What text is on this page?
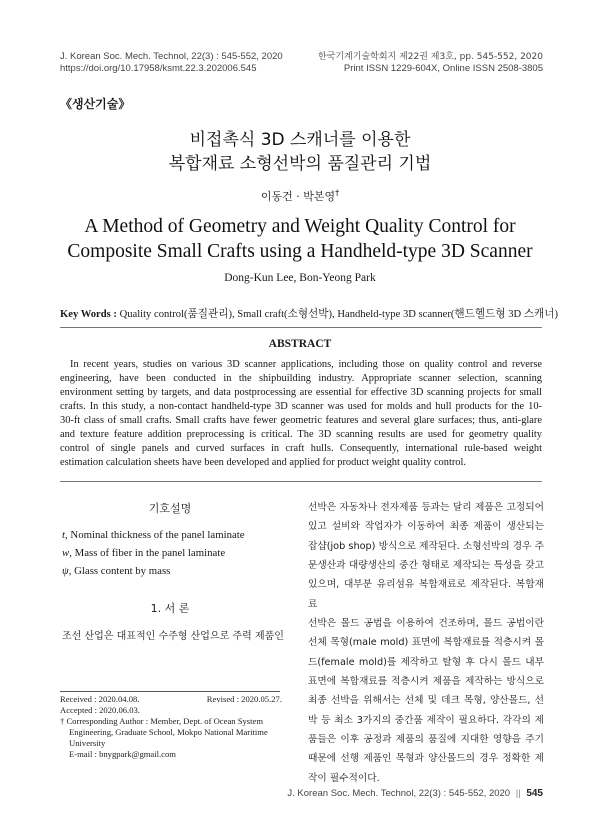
J. Korean Soc. Mech. Technol, 22(3) : 545-552, 2020
https://doi.org/10.17958/ksmt.22.3.202006.545
한국기계기술학회지 제22권 제3호, pp. 545-552, 2020
Print ISSN 1229-604X, Online ISSN 2508-3805
《생산기술》
비접촉식 3D 스캐너를 이용한
복합재료 소형선박의 품질관리 기법
이동건 · 박본영†
A Method of Geometry and Weight Quality Control for
Composite Small Crafts using a Handheld-type 3D Scanner
Dong-Kun Lee, Bon-Yeong Park
Key Words : Quality control(품질관리), Small craft(소형선박), Handheld-type 3D scanner(핸드헬드형 3D 스캐너)
ABSTRACT
In recent years, studies on various 3D scanner applications, including those on quality control and reverse
engineering, have been conducted in the shipbuilding industry. Appropriate scanner selection, scanning
environment setting by targets, and data postprocessing are essential for effective 3D scanning projects for small
crafts. In this study, a non-contact handheld-type 3D scanner was used for molds and hull products for the 10-
30-ft class of small crafts. Small crafts have fewer geometric features and several glare surfaces; thus, anti-glare
and texture feature addition preprocessing is critical. The 3D scanning results are used for geometry quality
control of single panels and curved surfaces in craft hulls. Consequently, international rule-based weight
estimation calculation sheets have been developed and applied for product weight quality control.
기호설명
t, Nominal thickness of the panel laminate
w, Mass of fiber in the panel laminate
ψ, Glass content by mass
1. 서 론
조선 산업은 대표적인 수주형 산업으로 주력 제품인
Received : 2020.04.08.	Revised : 2020.05.27.
Accepted : 2020.06.03.
† Corresponding Author : Member, Dept. of Ocean System
Engineering, Graduate School, Mokpo National Maritime
University
E-mail : bnygpark@gmail.com
선박은 자동차나 전자제품 등과는 달리 제품은 고정되어
있고 설비와 작업자가 이동하여 최종 제품이 생산되는
잡샵(job shop) 방식으로 제작된다. 소형선박의 경우 주
문생산과 대량생산의 중간 형태로 제작되는 특성을 갖고
있으며, 대부분 유리섬유 복합재료로 제작된다. 복합재료
선박은 몰드 공법을 이용하여 건조하며, 몰드 공법이란
선체 목형(male mold) 표면에 복합재료를 적층시켜 몰
드(female mold)를 제작하고 탈형 후 다시 몰드 내부
표면에 복합재료를 적층시켜 제품을 제작하는 방식으로
최종 선박을 위해서는 선체 및 데크 목형, 양산몰드, 선
박 등 최소 3가지의 중간품 제작이 필요하다. 각각의 제
품들은 이후 공정과 제품의 품질에 지대한 영향을 주기
때문에 선행 제품인 목형과 양산몰드의 경우 정확한 제
작이 필수적이다.
J. Korean Soc. Mech. Technol, 22(3) : 545-552, 2020 || 545
